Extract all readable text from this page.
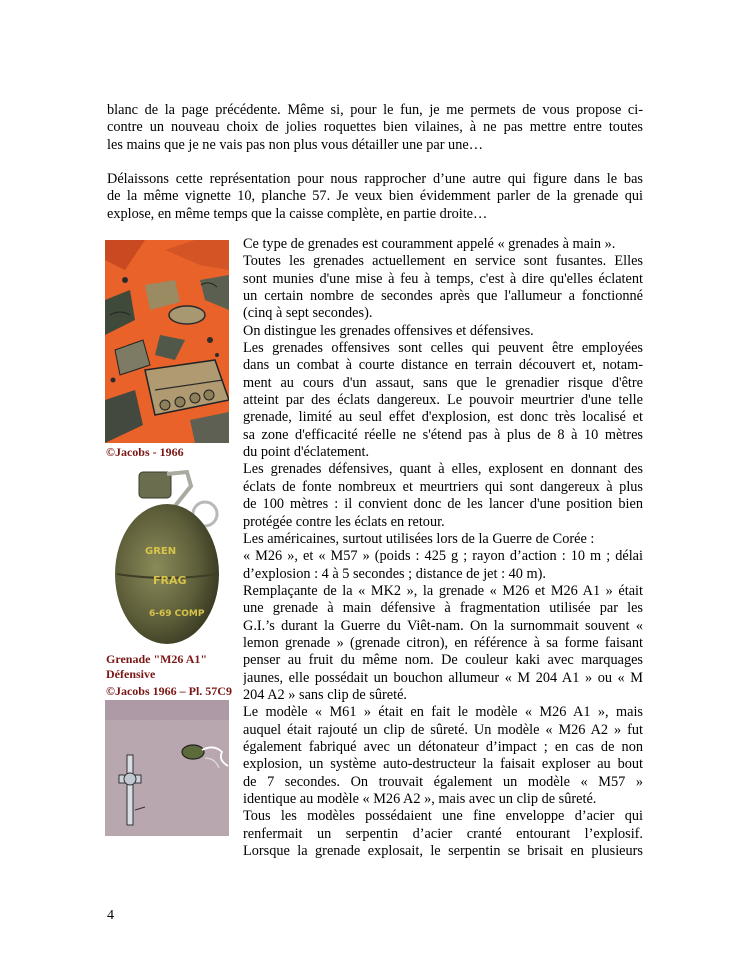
blanc de la page précédente. Même si, pour le fun, je me permets de vous propose ci-
contre un nouveau choix de jolies roquettes bien vilaines, à ne pas mettre entre toutes
les mains que je ne vais pas non plus vous détailler une par une…

Délaissons cette représentation pour nous rapprocher d’une autre qui figure dans le bas
de la même vignette 10, planche 57. Je veux bien évidemment parler de la grenade qui
explose, en même temps que la caisse complète, en partie droite…

Ce type de grenades est couramment appelé « grenades à main ».
Toutes les grenades actuellement en service sont fusantes. Elles
sont munies d'une mise à feu à temps, c'est à dire qu'elles éclatent
un certain nombre de secondes après que l'allumeur a fonctionné
(cinq à sept secondes).
On distingue les grenades offensives et défensives.
Les grenades offensives sont celles qui peuvent être employées
dans un combat à courte distance en terrain découvert et, notam-
ment au cours d'un assaut, sans que le grenadier risque d'être
atteint par des éclats dangereux. Le pouvoir meurtrier d'une telle
grenade, limité au seul effet d'explosion, est donc très localisé et
sa zone d'efficacité réelle ne s'étend pas à plus de 8 à 10 mètres
du point d'éclatement.
Les grenades défensives, quant à elles, explosent en donnant des
éclats de fonte nombreux et meurtriers qui sont dangereux à plus
de 100 mètres : il convient donc de les lancer d'une position bien
protégée contre les éclats en retour.
Les américaines, surtout utilisées lors de la Guerre de Corée :
« M26 », et « M57 » (poids : 425 g ; rayon d’action : 10 m ; délai
d’explosion : 4 à 5 secondes ; distance de jet : 40 m).
Remplaçante de la « MK2 », la grenade « M26 et M26 A1 » était
une grenade à main défensive à fragmentation utilisée par les
G.I.’s durant la Guerre du Viêt-nam. On la surnommait souvent «
lemon grenade » (grenade citron), en référence à sa forme faisant
penser au fruit du même nom. De couleur kaki avec marquages
jaunes, elle possédait un bouchon allumeur « M 204 A1 » ou « M
204 A2 » sans clip de sûreté.
Le modèle « M61 » était en fait le modèle « M26 A1 », mais
auquel était rajouté un clip de sûreté. Un modèle « M26 A2 » fut
également fabriqué avec un détonateur d’impact ; en cas de non
explosion, un système auto-destructeur la faisait exploser au bout
de 7 secondes. On trouvait également un modèle « M57 »
identique au modèle « M26 A2 », mais avec un clip de sûreté.
Tous les modèles possédaient une fine enveloppe d’acier qui
renfermait un serpentin d’acier cranté entourant l’explosif.
Lorsque la grenade explosait, le serpentin se brisait en plusieurs
©Jacobs - 1966
GREN
FRAG
6-69 COMP
Grenade "M26 A1"
Défensive
©Jacobs 1966 – Pl. 57C9
4
